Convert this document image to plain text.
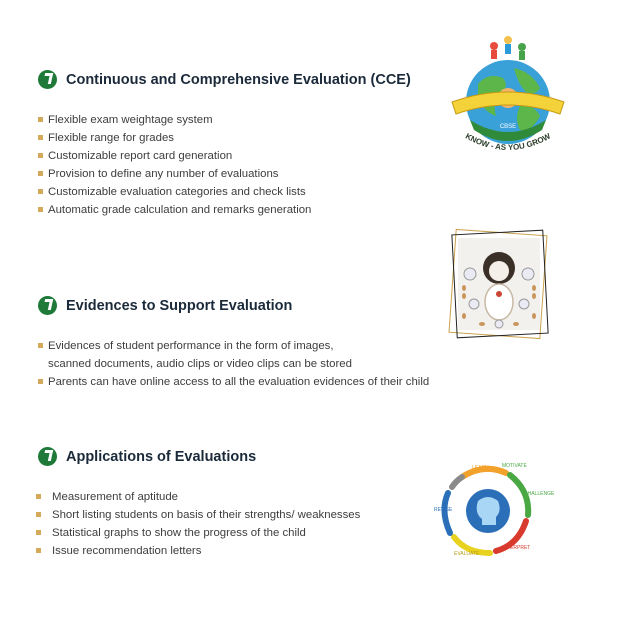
Continuous and Comprehensive Evaluation (CCE)
Flexible exam weightage system
Flexible range for grades
Customizable report card generation
Provision to define any number of evaluations
Customizable evaluation categories and check lists
Automatic grade calculation and remarks generation
Evidences to Support Evaluation
Evidences of student performance in the form of images,
scanned documents, audio clips or video clips can be stored
Parents can have online access to all the evaluation evidences of their child
Applications of Evaluations
Measurement of aptitude
Short listing students on basis of their strengths/ weaknesses
Statistical graphs to show the progress of the child
Issue recommendation letters
KNOW - AS YOU GROW
CBSE
LEARN	MOTIVATE
CHALLENGE
INTERPRET
EVALUATE
REVISE
